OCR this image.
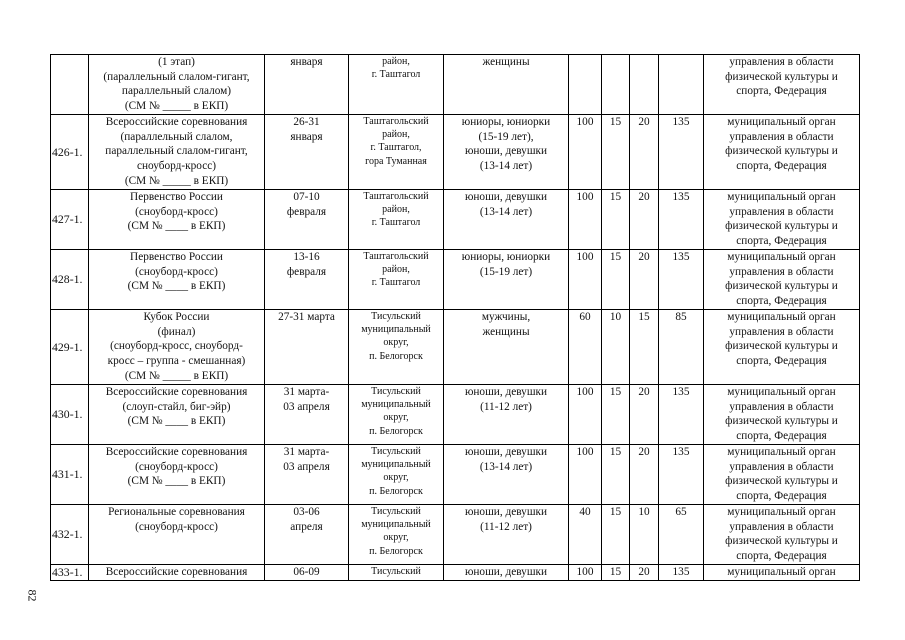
	(1 этап)
(параллельный слалом-гигант,
параллельный слалом)
(СМ № _____ в ЕКП)	января	район,
г. Таштагол	женщины					управления в области
физической культуры и
спорта, Федерация

426-1.	Всероссийские соревнования
(параллельный слалом,
параллельный слалом-гигант,
сноуборд-кросс)
(СМ № _____ в ЕКП)	26-31
января	Таштагольский
район,
г. Таштагол,
гора Туманная	юниоры, юниорки
(15-19 лет),
юноши, девушки
(13-14 лет)	100	15	20	135	муниципальный орган
управления в области
физической культуры и
спорта, Федерация

427-1.	Первенство России
(сноуборд-кросс)
(СМ № ____ в ЕКП)	07-10
февраля	Таштагольский
район,
г. Таштагол	юноши, девушки
(13-14 лет)	100	15	20	135	муниципальный орган
управления в области
физической культуры и
спорта, Федерация

428-1.	Первенство России
(сноуборд-кросс)
(СМ № ____ в ЕКП)	13-16
февраля	Таштагольский
район,
г. Таштагол	юниоры, юниорки
(15-19 лет)	100	15	20	135	муниципальный орган
управления в области
физической культуры и
спорта, Федерация

429-1.	Кубок России
(финал)
(сноуборд-кросс, сноуборд-
кросс – группа - смешанная)
(СМ № _____ в ЕКП)	27-31 марта	Тисульский
муниципальный
округ,
п. Белогорск	мужчины,
женщины	60	10	15	85	муниципальный орган
управления в области
физической культуры и
спорта, Федерация

430-1.	Всероссийские соревнования
(слоуп-стайл, биг-эйр)
(СМ № ____ в ЕКП)	31 марта-
03 апреля	Тисульский
муниципальный
округ,
п. Белогорск	юноши, девушки
(11-12 лет)	100	15	20	135	муниципальный орган
управления в области
физической культуры и
спорта, Федерация

431-1.	Всероссийские соревнования
(сноуборд-кросс)
(СМ № ____ в ЕКП)	31 марта-
03 апреля	Тисульский
муниципальный
округ,
п. Белогорск	юноши, девушки
(13-14 лет)	100	15	20	135	муниципальный орган
управления в области
физической культуры и
спорта, Федерация

432-1.	Региональные соревнования
(сноуборд-кросс)	03-06
апреля	Тисульский
муниципальный
округ,
п. Белогорск	юноши, девушки
(11-12 лет)	40	15	10	65	муниципальный орган
управления в области
физической культуры и
спорта, Федерация

433-1.	Всероссийские соревнования	06-09	Тисульский	юноши, девушки	100	15	20	135	муниципальный орган
82
